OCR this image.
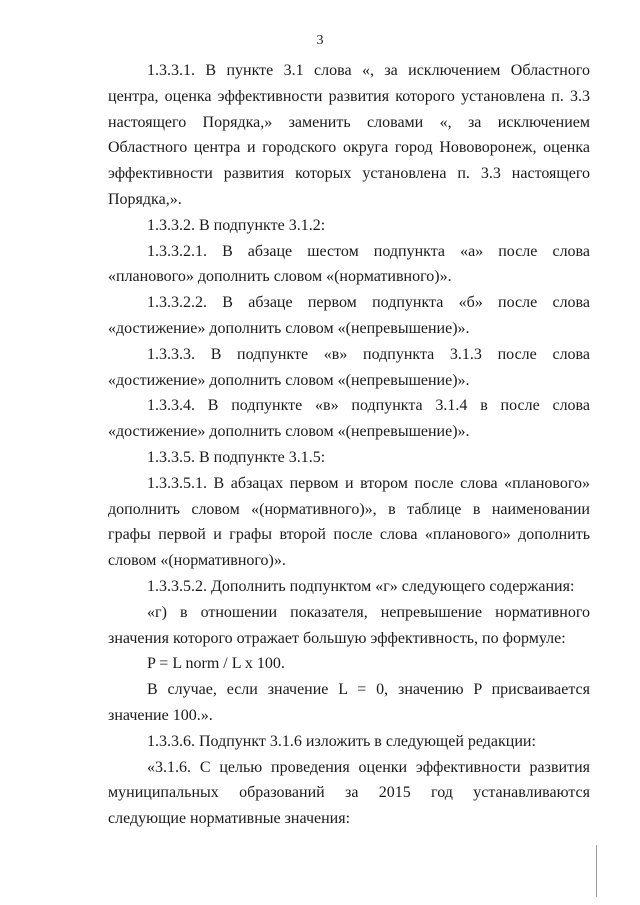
3

1.3.3.1. В пункте 3.1 слова «, за исключением Областного центра, оценка эффективности развития которого установлена п. 3.3 настоящего Порядка,» заменить словами «, за исключением Областного центра и городского округа город Нововоронеж, оценка эффективности развития которых установлена п. 3.3 настоящего Порядка,».

1.3.3.2. В подпункте 3.1.2:

1.3.3.2.1. В абзаце шестом подпункта «а» после слова «планового» дополнить словом «(нормативного)».

1.3.3.2.2. В абзаце первом подпункта «б» после слова «достижение» дополнить словом «(непревышение)».

1.3.3.3. В подпункте «в» подпункта 3.1.3 после слова «достижение» дополнить словом «(непревышение)».

1.3.3.4. В подпункте «в» подпункта 3.1.4 в после слова «достижение» дополнить словом «(непревышение)».

1.3.3.5. В подпункте 3.1.5:

1.3.3.5.1. В абзацах первом и втором после слова «планового» дополнить словом «(нормативного)», в таблице в наименовании графы первой и графы второй после слова «планового» дополнить словом «(нормативного)».

1.3.3.5.2. Дополнить подпунктом «г» следующего содержания:

«г) в отношении показателя, непревышение нормативного значения которого отражает большую эффективность, по формуле:

P = L norm / L x 100.

В случае, если значение L = 0, значению P присваивается значение 100.».

1.3.3.6. Подпункт 3.1.6 изложить в следующей редакции:

«3.1.6. С целью проведения оценки эффективности развития муниципальных образований за 2015 год устанавливаются следующие нормативные значения:
